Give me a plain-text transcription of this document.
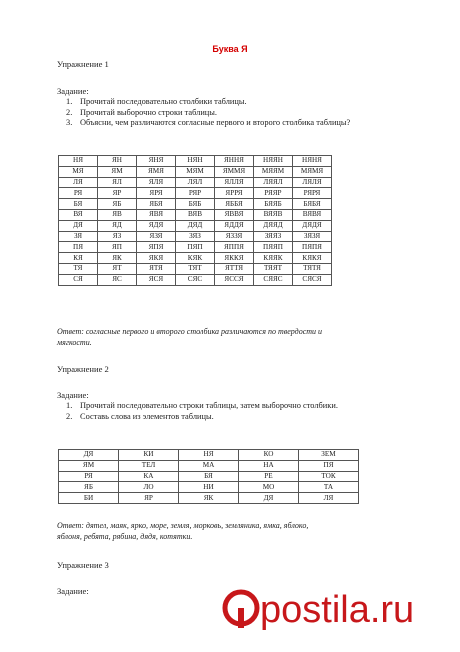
Буква Я
Упражнение 1
Задание:
1. Прочитай последовательно столбики таблицы.
2. Прочитай выборочно строки таблицы.
3. Объясни, чем различаются согласные первого и второго столбика таблицы?
НЯ	ЯН	ЯНЯ	НЯН	ЯННЯ	НЯЯН	НЯНЯ
МЯ	ЯМ	ЯМЯ	МЯМ	ЯММЯ	МЯЯМ	МЯМЯ
ЛЯ	ЯЛ	ЯЛЯ	ЛЯЛ	ЯЛЛЯ	ЛЯЯЛ	ЛЯЛЯ
РЯ	ЯР	ЯРЯ	РЯР	ЯРРЯ	РЯЯР	РЯРЯ
БЯ	ЯБ	ЯБЯ	БЯБ	ЯББЯ	БЯЯБ	БЯБЯ
ВЯ	ЯВ	ЯВЯ	ВЯВ	ЯВВЯ	ВЯЯВ	ВЯВЯ
ДЯ	ЯД	ЯДЯ	ДЯД	ЯДДЯ	ДЯЯД	ДЯДЯ
ЗЯ	ЯЗ	ЯЗЯ	ЗЯЗ	ЯЗЗЯ	ЗЯЯЗ	ЗЯЗЯ
ПЯ	ЯП	ЯПЯ	ПЯП	ЯППЯ	ПЯЯП	ПЯПЯ
КЯ	ЯК	ЯКЯ	КЯК	ЯККЯ	КЯЯК	КЯКЯ
ТЯ	ЯТ	ЯТЯ	ТЯТ	ЯТТЯ	ТЯЯТ	ТЯТЯ
СЯ	ЯС	ЯСЯ	СЯС	ЯССЯ	СЯЯС	СЯСЯ
Ответ: согласные первого и второго столбика различаются по твердости и
мягкости.
Упражнение 2
Задание:
1. Прочитай последовательно строки таблицы, затем выборочно столбики.
2. Составь слова из элементов таблицы.
ДЯ	КИ	НЯ	КО	ЗЕМ
ЯМ	ТЕЛ	МА	НА	ПЯ
РЯ	КА	БЯ	РЕ	ТОК
ЯБ	ЛО	НИ	МО	ТА
БИ	ЯР	ЯК	ДЯ	ЛЯ
Ответ: дятел, маяк, ярко, море, земля, морковь, земляника, ямка, яблоко,
яблоня, ребята, рябина, дядя, котятки.
Упражнение 3
Задание:	postila.ru
